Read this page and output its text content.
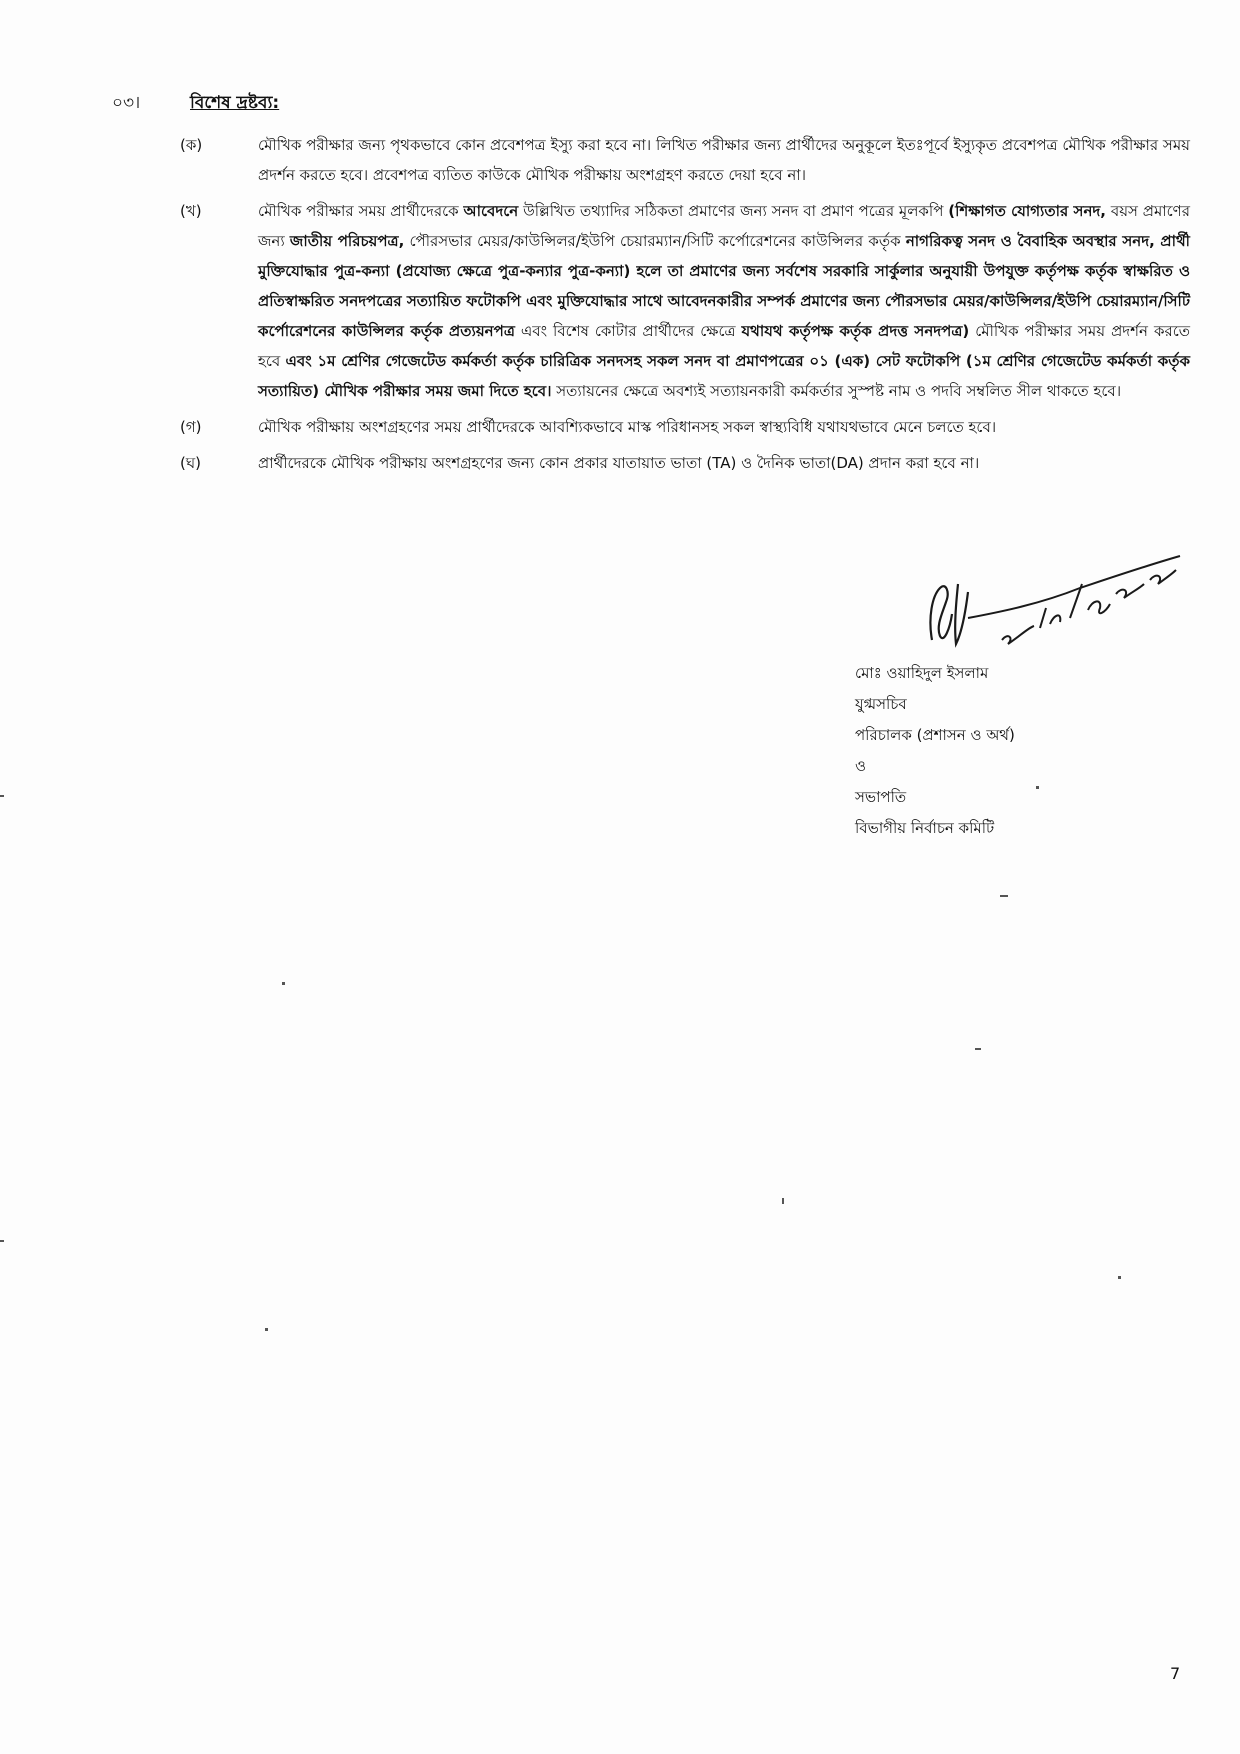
০৩।	বিশেষ দ্রষ্টব্য:
(ক)	মৌখিক পরীক্ষার জন্য পৃথকভাবে কোন প্রবেশপত্র ইস্যু করা হবে না। লিখিত পরীক্ষার জন্য প্রার্থীদের অনুকূলে ইতঃপূর্বে ইস্যুকৃত প্রবেশপত্র মৌখিক পরীক্ষার সময় প্রদর্শন করতে হবে। প্রবেশপত্র ব্যতিত কাউকে মৌখিক পরীক্ষায় অংশগ্রহণ করতে দেয়া হবে না।
(খ)	মৌখিক পরীক্ষার সময় প্রার্থীদেরকে আবেদনে উল্লিখিত তথ্যাদির সঠিকতা প্রমাণের জন্য সনদ বা প্রমাণ পত্রের মূলকপি (শিক্ষাগত যোগ্যতার সনদ, বয়স প্রমাণের জন্য জাতীয় পরিচয়পত্র, পৌরসভার মেয়র/কাউন্সিলর/ইউপি চেয়ারম্যান/সিটি কর্পোরেশনের কাউন্সিলর কর্তৃক নাগরিকত্ব সনদ ও বৈবাহিক অবস্থার সনদ, প্রার্থী মুক্তিযোদ্ধার পুত্র-কন্যা (প্রযোজ্য ক্ষেত্রে পুত্র-কন্যার পুত্র-কন্যা) হলে তা প্রমাণের জন্য সর্বশেষ সরকারি সার্কুলার অনুযায়ী উপযুক্ত কর্তৃপক্ষ কর্তৃক স্বাক্ষরিত ও প্রতিস্বাক্ষরিত সনদপত্রের সত্যায়িত ফটোকপি এবং মুক্তিযোদ্ধার সাথে আবেদনকারীর সম্পর্ক প্রমাণের জন্য পৌরসভার মেয়র/কাউন্সিলর/ইউপি চেয়ারম্যান/সিটি কর্পোরেশনের কাউন্সিলর কর্তৃক প্রত্যয়নপত্র এবং বিশেষ কোটার প্রার্থীদের ক্ষেত্রে যথাযথ কর্তৃপক্ষ কর্তৃক প্রদত্ত সনদপত্র) মৌখিক পরীক্ষার সময় প্রদর্শন করতে হবে এবং ১ম শ্রেণির গেজেটেড কর্মকর্তা কর্তৃক চারিত্রিক সনদসহ সকল সনদ বা প্রমাণপত্রের ০১ (এক) সেট ফটোকপি (১ম শ্রেণির গেজেটেড কর্মকর্তা কর্তৃক সত্যায়িত) মৌখিক পরীক্ষার সময় জমা দিতে হবে। সত্যায়নের ক্ষেত্রে অবশ্যই সত্যায়নকারী কর্মকর্তার সুস্পষ্ট নাম ও পদবি সম্বলিত সীল থাকতে হবে।
(গ)	মৌখিক পরীক্ষায় অংশগ্রহণের সময় প্রার্থীদেরকে আবশ্যিকভাবে মাস্ক পরিধানসহ সকল স্বাস্থ্যবিধি যথাযথভাবে মেনে চলতে হবে।
(ঘ)	প্রার্থীদেরকে মৌখিক পরীক্ষায় অংশগ্রহণের জন্য কোন প্রকার যাতায়াত ভাতা (TA) ও দৈনিক ভাতা(DA) প্রদান করা হবে না।
মোঃ ওয়াহিদুল ইসলাম
যুগ্মসচিব
পরিচালক (প্রশাসন ও অর্থ)
ও
সভাপতি
বিভাগীয় নির্বাচন কমিটি
7
